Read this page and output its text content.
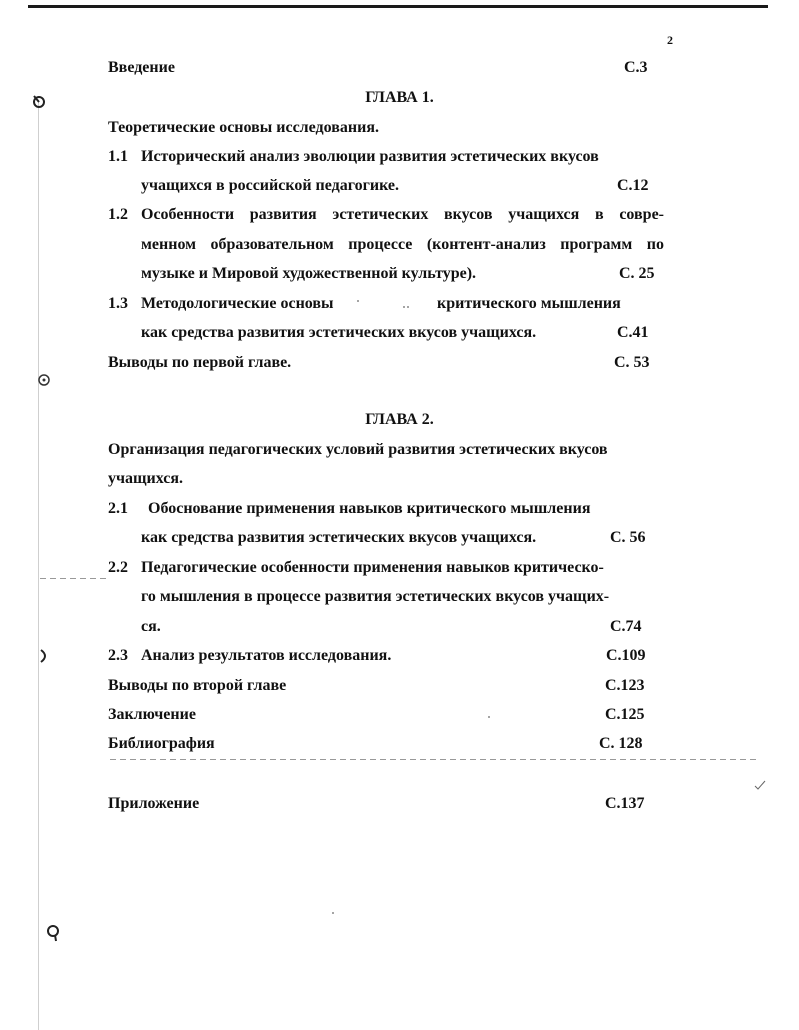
2
Введение	С.3
ГЛАВА 1.
Теоретические основы исследования.
1.1 Исторический анализ эволюции развития эстетических вкусов
учащихся в российской педагогике.	С.12
1.2 Особенности развития эстетических вкусов учащихся в совре-
менном образовательном процессе (контент-анализ программ по
музыке и Мировой художественной культуре).	С. 25
1.3 Методологические основы	критического мышления
как средства развития эстетических вкусов учащихся.	С.41
Выводы по первой главе.	С. 53
ГЛАВА 2.
Организация педагогических условий развития эстетических вкусов
учащихся.
2.1 Обоснование применения навыков критического мышления
как средства развития эстетических вкусов учащихся.	С. 56
2.2 Педагогические особенности применения навыков критическо-
го мышления в процессе развития эстетических вкусов учащих-
ся.	С.74
2.3 Анализ результатов исследования.	С.109
Выводы по второй главе	С.123
Заключение	С.125
Библиография	С. 128
Приложение	С.137
